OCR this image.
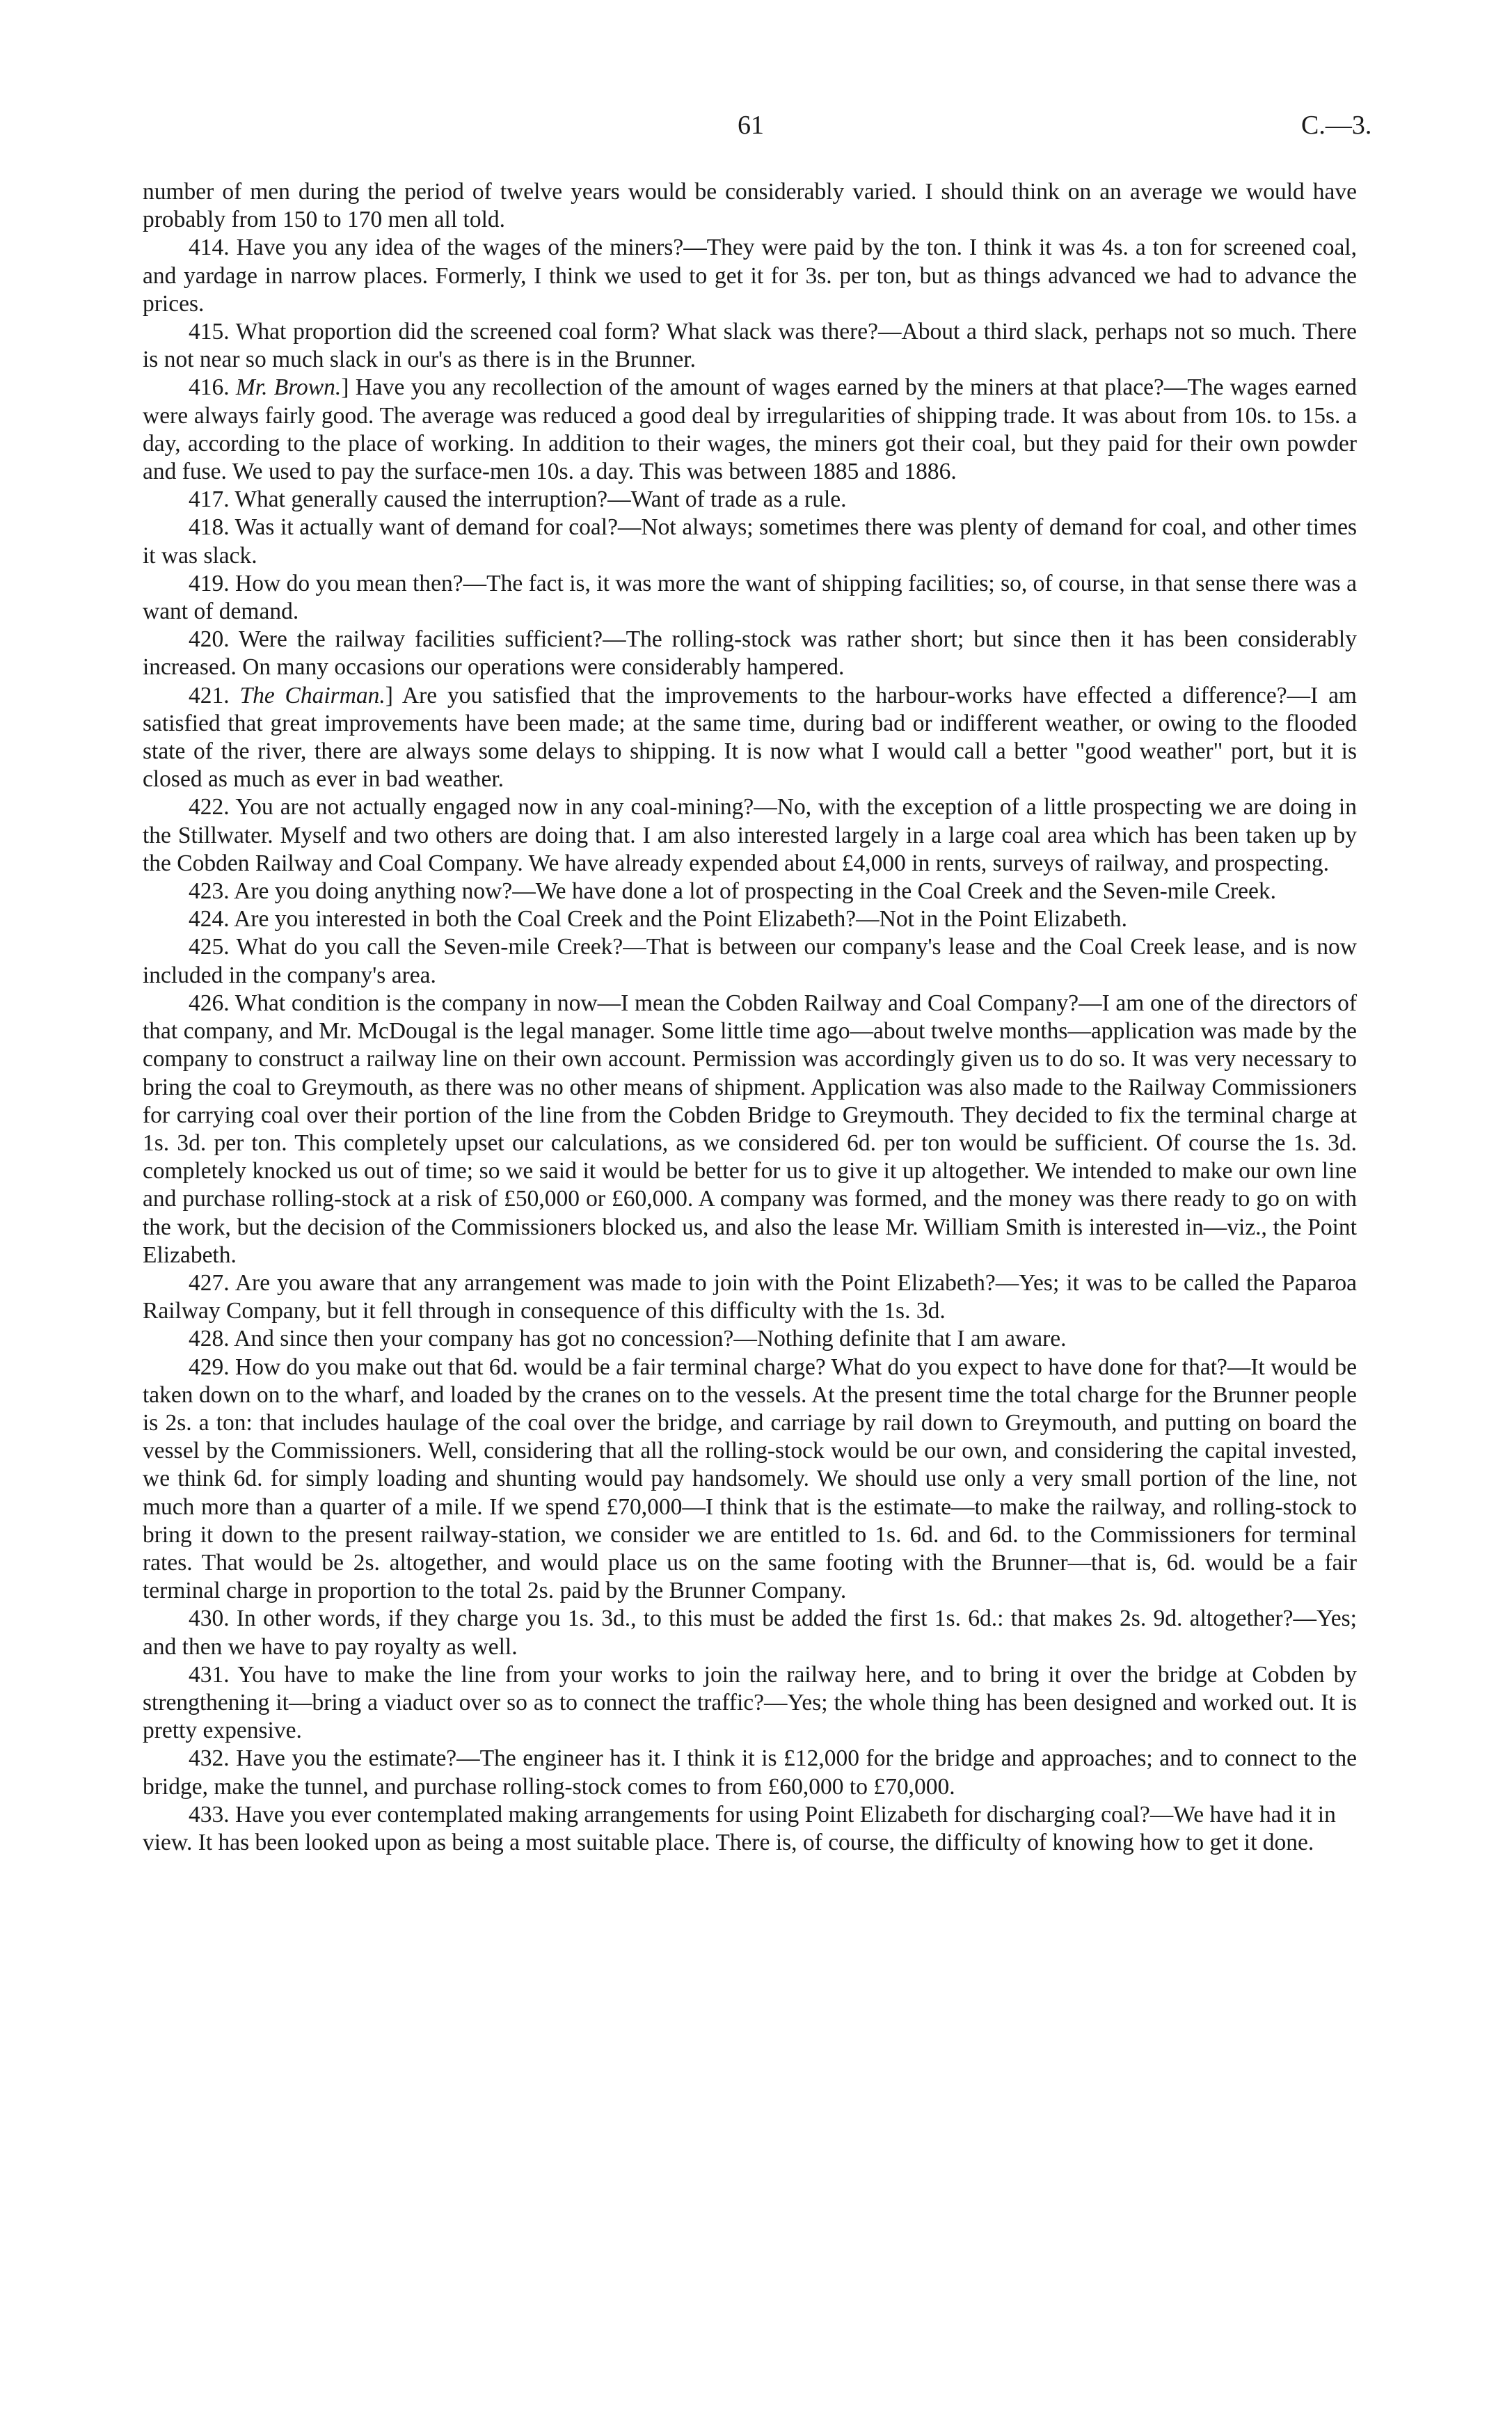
61	C.—3.

number of men during the period of twelve years would be considerably varied. I should think on an average we would have probably from 150 to 170 men all told.

414. Have you any idea of the wages of the miners?—They were paid by the ton. I think it was 4s. a ton for screened coal, and yardage in narrow places. Formerly, I think we used to get it for 3s. per ton, but as things advanced we had to advance the prices.

415. What proportion did the screened coal form? What slack was there?—About a third slack, perhaps not so much. There is not near so much slack in our's as there is in the Brunner.

416. Mr. Brown.] Have you any recollection of the amount of wages earned by the miners at that place?—The wages earned were always fairly good. The average was reduced a good deal by irregularities of shipping trade. It was about from 10s. to 15s. a day, according to the place of working. In addition to their wages, the miners got their coal, but they paid for their own powder and fuse. We used to pay the surface-men 10s. a day. This was between 1885 and 1886.

417. What generally caused the interruption?—Want of trade as a rule.

418. Was it actually want of demand for coal?—Not always; sometimes there was plenty of demand for coal, and other times it was slack.

419. How do you mean then?—The fact is, it was more the want of shipping facilities; so, of course, in that sense there was a want of demand.

420. Were the railway facilities sufficient?—The rolling-stock was rather short; but since then it has been considerably increased. On many occasions our operations were considerably hampered.

421. The Chairman.] Are you satisfied that the improvements to the harbour-works have effected a difference?—I am satisfied that great improvements have been made; at the same time, during bad or indifferent weather, or owing to the flooded state of the river, there are always some delays to shipping. It is now what I would call a better "good weather" port, but it is closed as much as ever in bad weather.

422. You are not actually engaged now in any coal-mining?—No, with the exception of a little prospecting we are doing in the Stillwater. Myself and two others are doing that. I am also interested largely in a large coal area which has been taken up by the Cobden Railway and Coal Company. We have already expended about £4,000 in rents, surveys of railway, and prospecting.

423. Are you doing anything now?—We have done a lot of prospecting in the Coal Creek and the Seven-mile Creek.

424. Are you interested in both the Coal Creek and the Point Elizabeth?—Not in the Point Elizabeth.

425. What do you call the Seven-mile Creek?—That is between our company's lease and the Coal Creek lease, and is now included in the company's area.

426. What condition is the company in now—I mean the Cobden Railway and Coal Company?—I am one of the directors of that company, and Mr. McDougal is the legal manager. Some little time ago—about twelve months—application was made by the company to construct a railway line on their own account. Permission was accordingly given us to do so. It was very necessary to bring the coal to Greymouth, as there was no other means of shipment. Application was also made to the Railway Commissioners for carrying coal over their portion of the line from the Cobden Bridge to Greymouth. They decided to fix the terminal charge at 1s. 3d. per ton. This completely upset our calculations, as we considered 6d. per ton would be sufficient. Of course the 1s. 3d. completely knocked us out of time; so we said it would be better for us to give it up altogether. We intended to make our own line and purchase rolling-stock at a risk of £50,000 or £60,000. A company was formed, and the money was there ready to go on with the work, but the decision of the Commissioners blocked us, and also the lease Mr. William Smith is interested in—viz., the Point Elizabeth.

427. Are you aware that any arrangement was made to join with the Point Elizabeth?—Yes; it was to be called the Paparoa Railway Company, but it fell through in consequence of this difficulty with the 1s. 3d.

428. And since then your company has got no concession?—Nothing definite that I am aware.

429. How do you make out that 6d. would be a fair terminal charge? What do you expect to have done for that?—It would be taken down on to the wharf, and loaded by the cranes on to the vessels. At the present time the total charge for the Brunner people is 2s. a ton: that includes haulage of the coal over the bridge, and carriage by rail down to Greymouth, and putting on board the vessel by the Commissioners. Well, considering that all the rolling-stock would be our own, and considering the capital invested, we think 6d. for simply loading and shunting would pay handsomely. We should use only a very small portion of the line, not much more than a quarter of a mile. If we spend £70,000—I think that is the estimate—to make the railway, and rolling-stock to bring it down to the present railway-station, we consider we are entitled to 1s. 6d. and 6d. to the Commissioners for terminal rates. That would be 2s. altogether, and would place us on the same footing with the Brunner—that is, 6d. would be a fair terminal charge in proportion to the total 2s. paid by the Brunner Company.

430. In other words, if they charge you 1s. 3d., to this must be added the first 1s. 6d.: that makes 2s. 9d. altogether?—Yes; and then we have to pay royalty as well.

431. You have to make the line from your works to join the railway here, and to bring it over the bridge at Cobden by strengthening it—bring a viaduct over so as to connect the traffic?—Yes; the whole thing has been designed and worked out. It is pretty expensive.

432. Have you the estimate?—The engineer has it. I think it is £12,000 for the bridge and approaches; and to connect to the bridge, make the tunnel, and purchase rolling-stock comes to from £60,000 to £70,000.

433. Have you ever contemplated making arrangements for using Point Elizabeth for discharging coal?—We have had it in view. It has been looked upon as being a most suitable place. There is, of course, the difficulty of knowing how to get it done.
